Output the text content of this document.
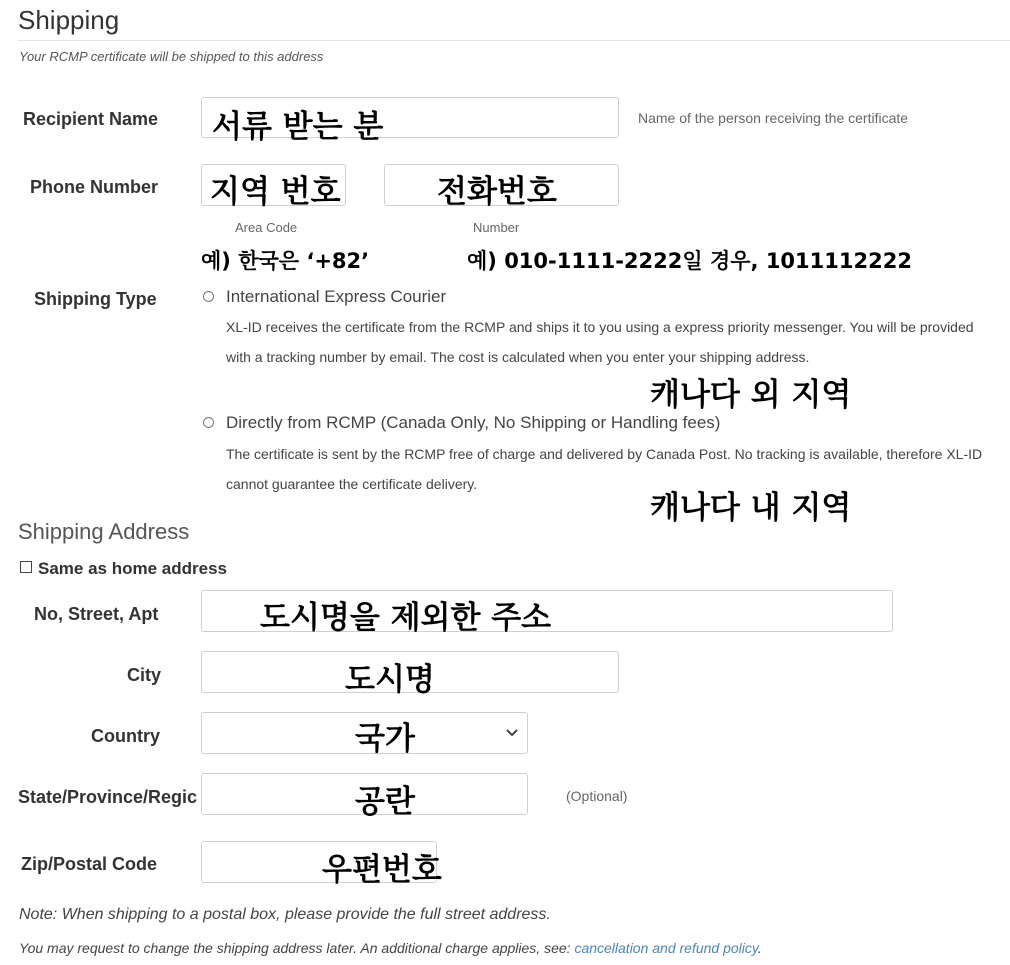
Shipping
Your RCMP certificate will be shipped to this address
Recipient Name 서류 받는 분	Name of the person receiving the certificate
Phone Number 지역 번호	전화번호
Area Code	Number
예) 한국은 ‘+82’	예) 010-1111-2222일 경우, 1011112222
Shipping Type	International Express Courier
XL-ID receives the certificate from the RCMP and ships it to you using a express priority messenger. You will be provided with a tracking number by email. The cost is calculated when you enter your shipping address.
캐나다 외 지역
Directly from RCMP (Canada Only, No Shipping or Handling fees)
The certificate is sent by the RCMP free of charge and delivered by Canada Post. No tracking is available, therefore XL-ID cannot guarantee the certificate delivery.
캐나다 내 지역
Shipping Address
Same as home address
No, Street, Apt	도시명을 제외한 주소
City	도시명
Country	국가
State/Province/Regic	공란	(Optional)
Zip/Postal Code	우편번호
Note: When shipping to a postal box, please provide the full street address.
You may request to change the shipping address later. An additional charge applies, see: cancellation and refund policy.
